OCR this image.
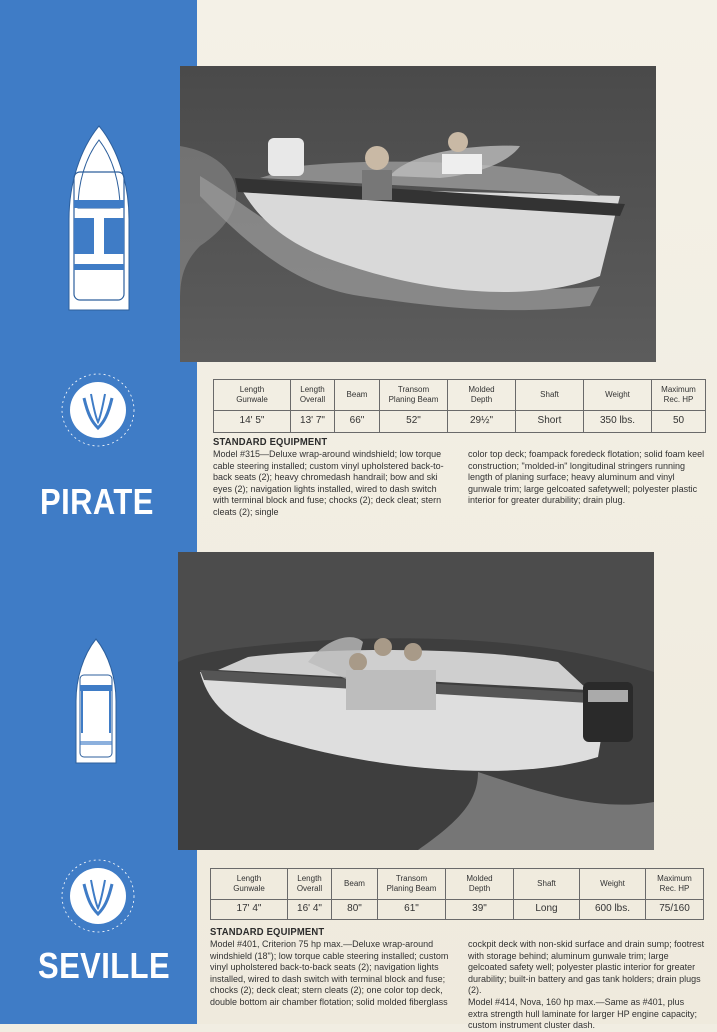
PIRATE
Length
Gunwale	Length
Overall	Beam	Transom
Planing Beam	Molded
Depth	Shaft	Weight	Maximum
Rec. HP
14' 5"	13' 7"	66"	52"	29½"	Short	350 lbs.	50
STANDARD EQUIPMENT

Model #315—Deluxe wrap-around windshield; low torque cable steering installed; custom vinyl upholstered back-to-back seats (2); heavy chromedash handrail; bow and ski eyes (2); navigation lights installed, wired to dash switch with terminal block and fuse; chocks (2); deck cleat; stern cleats (2); single

color top deck; foampack foredeck flotation; solid foam keel construction; "molded-in" longitudinal stringers running length of planing surface; heavy aluminum and vinyl gunwale trim; large gelcoated safetywell; polyester plastic interior for greater durability; drain plug.

SEVILLE
Length
Gunwale	Length
Overall	Beam	Transom
Planing Beam	Molded
Depth	Shaft	Weight	Maximum
Rec. HP
17' 4"	16' 4"	80"	61"	39"	Long	600 lbs.	75/160
STANDARD EQUIPMENT

Model #401, Criterion 75 hp max.—Deluxe wrap-around windshield (18"); low torque cable steering installed; custom vinyl upholstered back-to-back seats (2); navigation lights installed, wired to dash switch with terminal block and fuse; chocks (2); deck cleat; stern cleats (2); one color top deck, double bottom air chamber flotation; solid molded fiberglass

cockpit deck with non-skid surface and drain sump; footrest with storage behind; aluminum gunwale trim; large gelcoated safety well; polyester plastic interior for greater durability; built-in battery and gas tank holders; drain plugs (2).

Model #414, Nova, 160 hp max.—Same as #401, plus extra strength hull laminate for larger HP engine capacity; custom instrument cluster dash.
